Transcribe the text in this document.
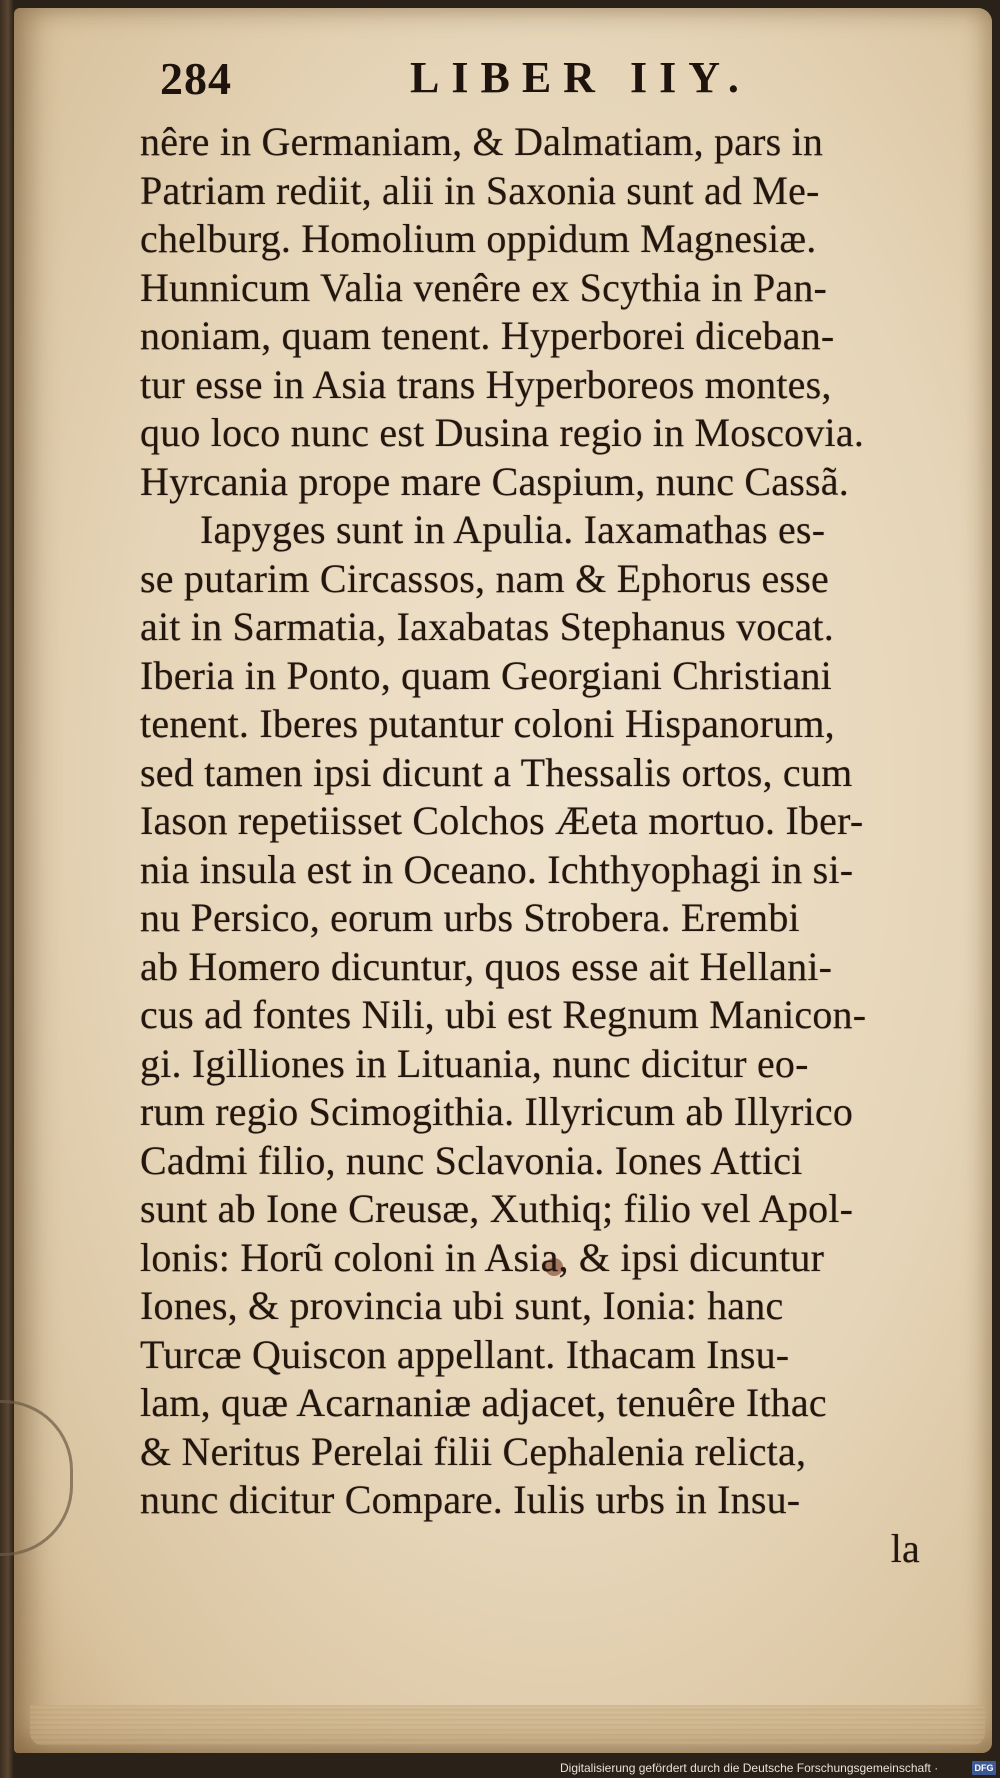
284	LIBER IIY.
nêre in Germaniam, & Dalmatiam, pars in
Patriam rediit, alii in Saxonia sunt ad Me-
chelburg. Homolium oppidum Magnesiæ.
Hunnicum Valia venêre ex Scythia in Pan-
noniam, quam tenent. Hyperborei diceban-
tur esse in Asia trans Hyperboreos montes,
quo loco nunc est Dusina regio in Moscovia.
Hyrcania prope mare Caspium, nunc Cassã.
Iapyges sunt in Apulia. Iaxamathas es-
se putarim Circassos, nam & Ephorus esse
ait in Sarmatia, Iaxabatas Stephanus vocat.
Iberia in Ponto, quam Georgiani Christiani
tenent. Iberes putantur coloni Hispanorum,
sed tamen ipsi dicunt a Thessalis ortos, cum
Iason repetiisset Colchos Æeta mortuo. Iber-
nia insula est in Oceano. Ichthyophagi in si-
nu Persico, eorum urbs Strobera. Erembi
ab Homero dicuntur, quos esse ait Hellani-
cus ad fontes Nili, ubi est Regnum Manicon-
gi. Igilliones in Lituania, nunc dicitur eo-
rum regio Scimogithia. Illyricum ab Illyrico
Cadmi filio, nunc Sclavonia. Iones Attici
sunt ab Ione Creusæ, Xuthiq; filio vel Apol-
lonis: Horũ coloni in Asia, & ipsi dicuntur
Iones, & provincia ubi sunt, Ionia: hanc
Turcæ Quiscon appellant. Ithacam Insu-
lam, quæ Acarnaniæ adjacet, tenuêre Ithac
& Neritus Perelai filii Cephalenia relicta,
nunc dicitur Compare. Iulis urbs in Insu-
la
Digitalisierung gefördert durch die Deutsche Forschungsgemeinschaft ·	DFG
